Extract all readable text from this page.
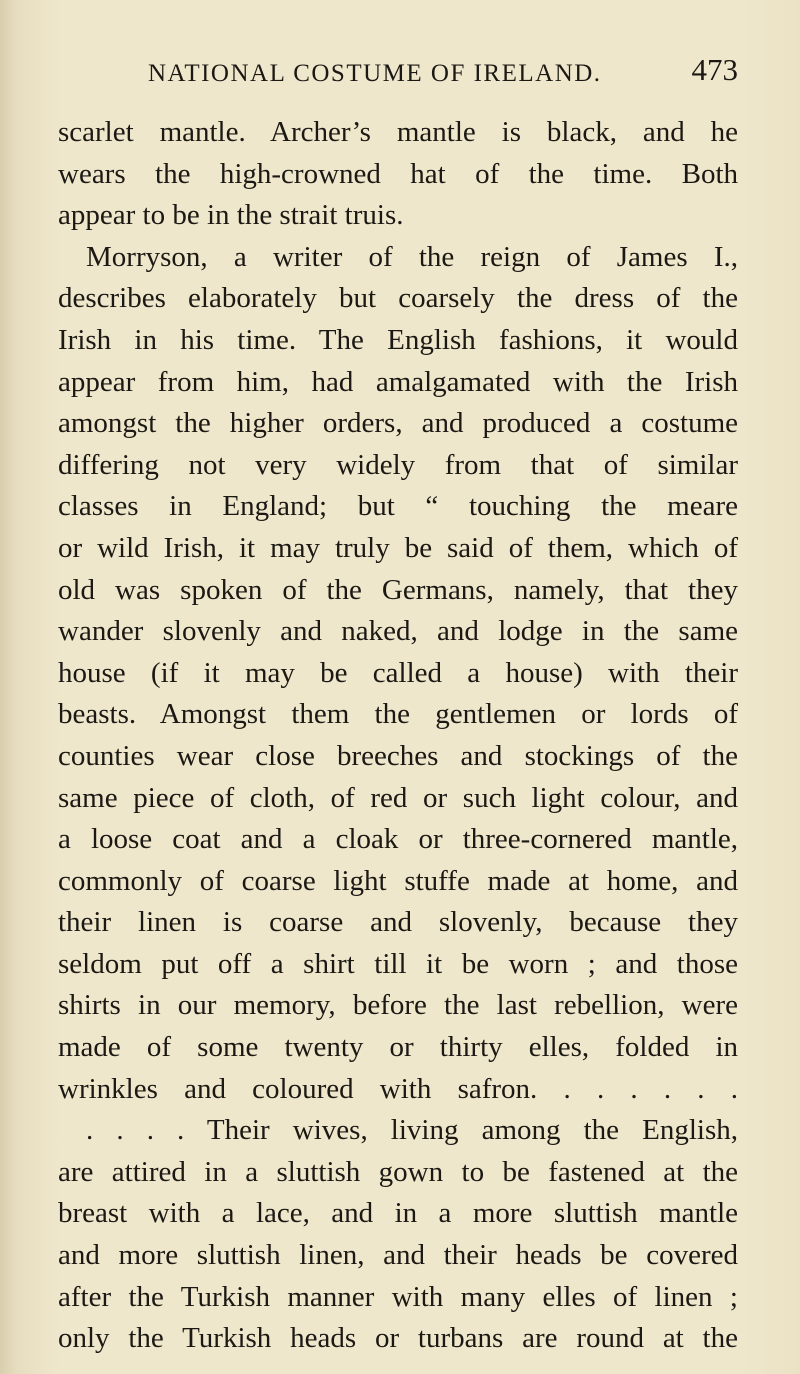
NATIONAL COSTUME OF IRELAND.	473
scarlet mantle. Archer’s mantle is black, and he
wears the high-crowned hat of the time. Both
appear to be in the strait truis.
Morryson, a writer of the reign of James I.,
describes elaborately but coarsely the dress of the
Irish in his time. The English fashions, it would
appear from him, had amalgamated with the Irish
amongst the higher orders, and produced a costume
differing not very widely from that of similar
classes in England; but “ touching the meare
or wild Irish, it may truly be said of them, which of
old was spoken of the Germans, namely, that they
wander slovenly and naked, and lodge in the same
house (if it may be called a house) with their
beasts. Amongst them the gentlemen or lords of
counties wear close breeches and stockings of the
same piece of cloth, of red or such light colour, and
a loose coat and a cloak or three-cornered mantle,
commonly of coarse light stuffe made at home, and
their linen is coarse and slovenly, because they
seldom put off a shirt till it be worn ; and those
shirts in our memory, before the last rebellion, were
made of some twenty or thirty elles, folded in
wrinkles and coloured with safron. . . . . . .
. . . . Their wives, living among the English,
are attired in a sluttish gown to be fastened at the
breast with a lace, and in a more sluttish mantle
and more sluttish linen, and their heads be covered
after the Turkish manner with many elles of linen ;
only the Turkish heads or turbans are round at the
